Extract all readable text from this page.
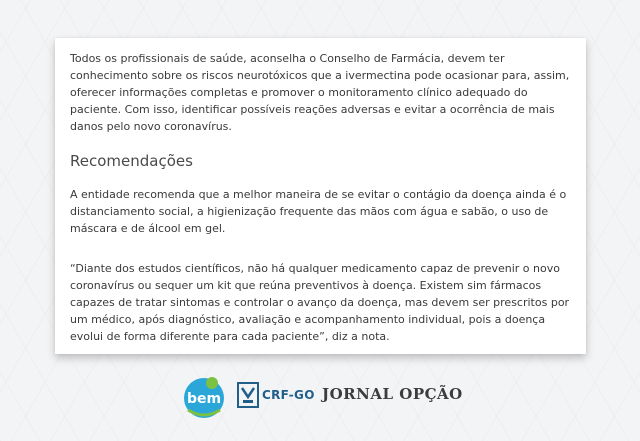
Todos os profissionais de saúde, aconselha o Conselho de Farmácia, devem ter conhecimento sobre os riscos neurotóxicos que a ivermectina pode ocasionar para, assim, oferecer informações completas e promover o monitoramento clínico adequado do paciente. Com isso, identificar possíveis reações adversas e evitar a ocorrência de mais danos pelo novo coronavírus.

Recomendações

A entidade recomenda que a melhor maneira de se evitar o contágio da doença ainda é o distanciamento social, a higienização frequente das mãos com água e sabão, o uso de máscara e de álcool em gel.

“Diante dos estudos científicos, não há qualquer medicamento capaz de prevenir o novo coronavírus ou sequer um kit que reúna preventivos à doença. Existem sim fármacos capazes de tratar sintomas e controlar o avanço da doença, mas devem ser prescritos por um médico, após diagnóstico, avaliação e acompanhamento individual, pois a doença evolui de forma diferente para cada paciente”, diz a nota.

bem	CRF-GO JORNAL OPÇÃO
